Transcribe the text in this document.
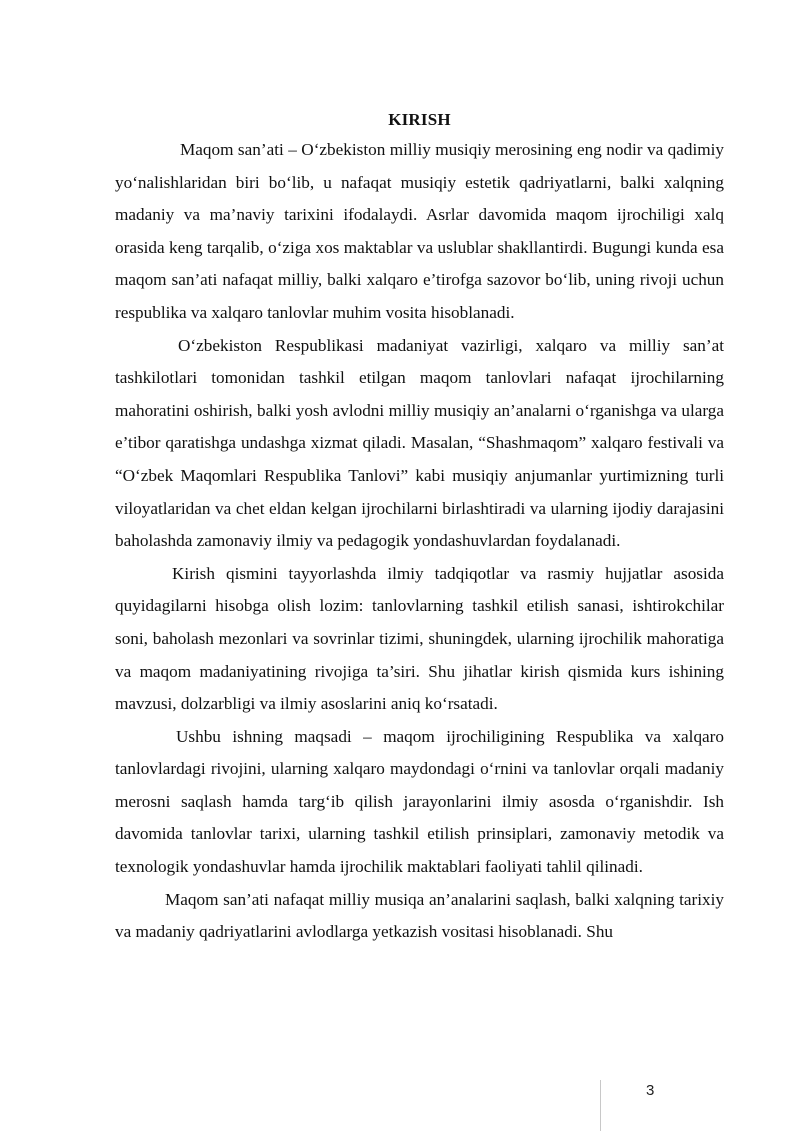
KIRISH

Maqom san’ati – O‘zbekiston milliy musiqiy merosining eng nodir va qadimiy yo‘nalishlaridan biri bo‘lib, u nafaqat musiqiy estetik qadriyatlarni, balki xalqning madaniy va ma’naviy tarixini ifodalaydi. Asrlar davomida maqom ijrochiligi xalq orasida keng tarqalib, o‘ziga xos maktablar va uslublar shakllantirdi. Bugungi kunda esa maqom san’ati nafaqat milliy, balki xalqaro e’tirofga sazovor bo‘lib, uning rivoji uchun respublika va xalqaro tanlovlar muhim vosita hisoblanadi.

O‘zbekiston Respublikasi madaniyat vazirligi, xalqaro va milliy san’at tashkilotlari tomonidan tashkil etilgan maqom tanlovlari nafaqat ijrochilarning mahoratini oshirish, balki yosh avlodni milliy musiqiy an’analarni o‘rganishga va ularga e’tibor qaratishga undashga xizmat qiladi. Masalan, “Shashmaqom” xalqaro festivali va “O‘zbek Maqomlari Respublika Tanlovi” kabi musiqiy anjumanlar yurtimizning turli viloyatlaridan va chet eldan kelgan ijrochilarni birlashtiradi va ularning ijodiy darajasini baholashda zamonaviy ilmiy va pedagogik yondashuvlardan foydalanadi.

Kirish qismini tayyorlashda ilmiy tadqiqotlar va rasmiy hujjatlar asosida quyidagilarni hisobga olish lozim: tanlovlarning tashkil etilish sanasi, ishtirokchilar soni, baholash mezonlari va sovrinlar tizimi, shuningdek, ularning ijrochilik mahoratiga va maqom madaniyatining rivojiga ta’siri. Shu jihatlar kirish qismida kurs ishining mavzusi, dolzarbligi va ilmiy asoslarini aniq ko‘rsatadi.

Ushbu ishning maqsadi – maqom ijrochiligining Respublika va xalqaro tanlovlardagi rivojini, ularning xalqaro maydondagi o‘rnini va tanlovlar orqali madaniy merosni saqlash hamda targ‘ib qilish jarayonlarini ilmiy asosda o‘rganishdir. Ish davomida tanlovlar tarixi, ularning tashkil etilish prinsiplari, zamonaviy metodik va texnologik yondashuvlar hamda ijrochilik maktablari faoliyati tahlil qilinadi.

Maqom san’ati nafaqat milliy musiqa an’analarini saqlash, balki xalqning tarixiy va madaniy qadriyatlarini avlodlarga yetkazish vositasi hisoblanadi. Shu

3
